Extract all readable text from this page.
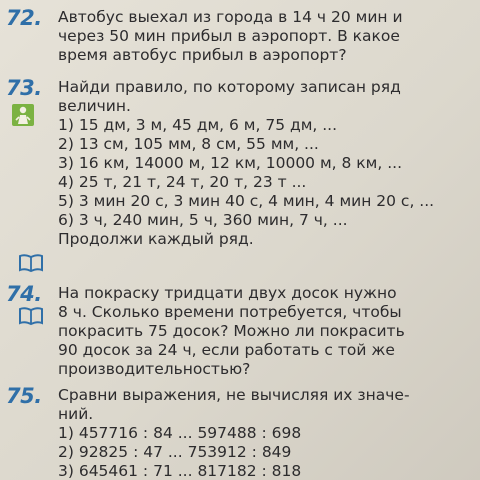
72. Автобус выехал из города в 14 ч 20 мин и
через 50 мин прибыл в аэропорт. В какое
время автобус прибыл в аэропорт?
73. Найди правило, по которому записан ряд
величин.
1) 15 дм, 3 м, 45 дм, 6 м, 75 дм, ...
2) 13 см, 105 мм, 8 см, 55 мм, ...
3) 16 км, 14000 м, 12 км, 10000 м, 8 км, ...
4) 25 т, 21 т, 24 т, 20 т, 23 т ...
5) 3 мин 20 с, 3 мин 40 с, 4 мин, 4 мин 20 с, ...
6) 3 ч, 240 мин, 5 ч, 360 мин, 7 ч, ...
Продолжи каждый ряд.
74. На покраску тридцати двух досок нужно
8 ч. Сколько времени потребуется, чтобы
покрасить 75 досок? Можно ли покрасить
90 досок за 24 ч, если работать с той же
производительностью?
75. Сравни выражения, не вычисляя их значе-
ний.
1) 457716 : 84 ... 597488 : 698
2) 92825 : 47 ... 753912 : 849
3) 645461 : 71 ... 817182 : 818
